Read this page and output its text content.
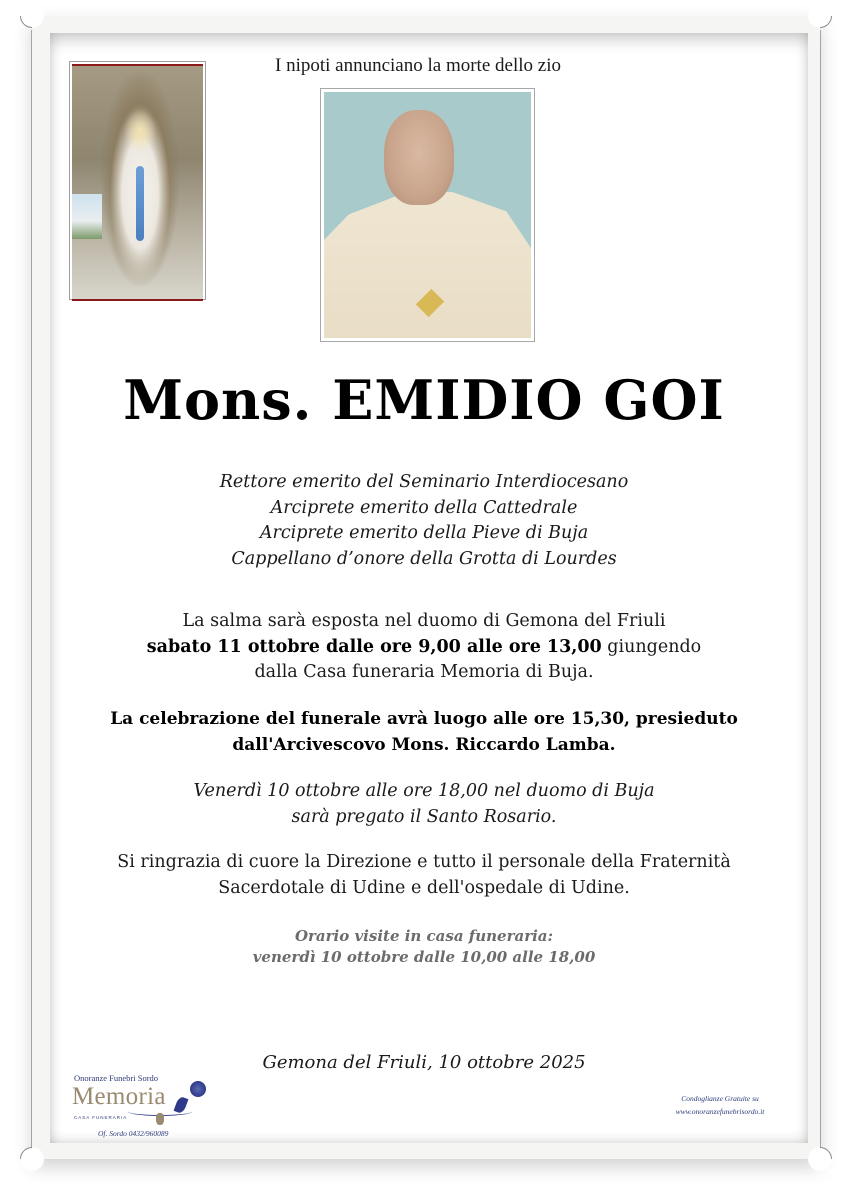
I nipoti annunciano la morte dello zio
Mons. EMIDIO GOI
Rettore emerito del Seminario Interdiocesano
Arciprete emerito della Cattedrale
Arciprete emerito della Pieve di Buja
Cappellano d’onore della Grotta di Lourdes
La salma sarà esposta nel duomo di Gemona del Friuli
sabato 11 ottobre dalle ore 9,00 alle ore 13,00 giungendo
dalla Casa funeraria Memoria di Buja.
La celebrazione del funerale avrà luogo alle ore 15,30, presieduto
dall'Arcivescovo Mons. Riccardo Lamba.
Venerdì 10 ottobre alle ore 18,00 nel duomo di Buja
sarà pregato il Santo Rosario.
Si ringrazia di cuore la Direzione e tutto il personale della Fraternità
Sacerdotale di Udine e dell'ospedale di Udine.
Orario visite in casa funeraria:
venerdì 10 ottobre dalle 10,00 alle 18,00
Gemona del Friuli, 10 ottobre 2025
Onoranze Funebri Sordo
Memoria
CASA FUNERARIA
Of. Sordo 0432/960089
Condoglianze Gratuite su
www.onoranzefunebrisordo.it
